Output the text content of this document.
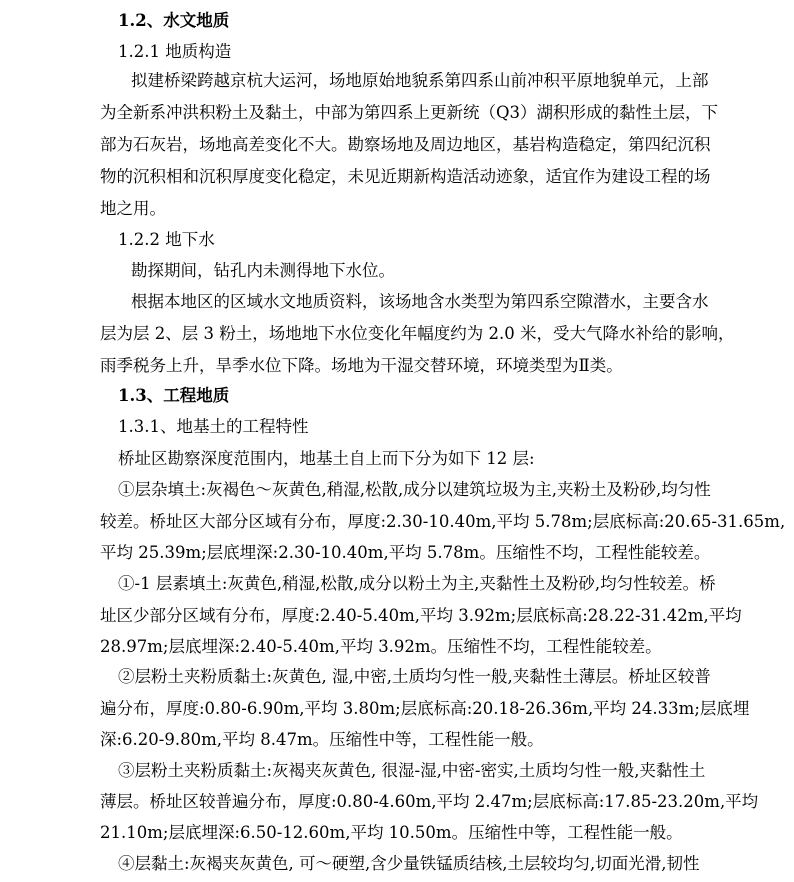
1.2、水文地质
1.2.1 地质构造
拟建桥梁跨越京杭大运河，场地原始地貌系第四系山前冲积平原地貌单元，上部
为全新系冲洪积粉土及黏土，中部为第四系上更新统（Q3）湖积形成的黏性土层，下
部为石灰岩，场地高差变化不大。勘察场地及周边地区，基岩构造稳定，第四纪沉积
物的沉积相和沉积厚度变化稳定，未见近期新构造活动迹象，适宜作为建设工程的场
地之用。
1.2.2 地下水
勘探期间，钻孔内未测得地下水位。
根据本地区的区域水文地质资料，该场地含水类型为第四系空隙潜水，主要含水
层为层 2、层 3 粉土，场地地下水位变化年幅度约为 2.0 米，受大气降水补给的影响，
雨季税务上升，旱季水位下降。场地为干湿交替环境，环境类型为Ⅱ类。
1.3、工程地质
1.3.1、地基土的工程特性
桥址区勘察深度范围内，地基土自上而下分为如下 12 层:
①层杂填土:灰褐色～灰黄色,稍湿,松散,成分以建筑垃圾为主,夹粉土及粉砂,均匀性
较差。桥址区大部分区域有分布，厚度:2.30-10.40m,平均 5.78m;层底标高:20.65-31.65m,
平均 25.39m;层底埋深:2.30-10.40m,平均 5.78m。压缩性不均，工程性能较差。
①-1 层素填土:灰黄色,稍湿,松散,成分以粉土为主,夹黏性土及粉砂,均匀性较差。桥
址区少部分区域有分布，厚度:2.40-5.40m,平均 3.92m;层底标高:28.22-31.42m,平均
28.97m;层底埋深:2.40-5.40m,平均 3.92m。压缩性不均，工程性能较差。
②层粉土夹粉质黏土:灰黄色, 湿,中密,土质均匀性一般,夹黏性土薄层。桥址区较普
遍分布，厚度:0.80-6.90m,平均 3.80m;层底标高:20.18-26.36m,平均 24.33m;层底埋
深:6.20-9.80m,平均 8.47m。压缩性中等，工程性能一般。
③层粉土夹粉质黏土:灰褐夹灰黄色, 很湿-湿,中密-密实,土质均匀性一般,夹黏性土
薄层。桥址区较普遍分布，厚度:0.80-4.60m,平均 2.47m;层底标高:17.85-23.20m,平均
21.10m;层底埋深:6.50-12.60m,平均 10.50m。压缩性中等，工程性能一般。
④层黏土:灰褐夹灰黄色, 可～硬塑,含少量铁锰质结核,土层较均匀,切面光滑,韧性
